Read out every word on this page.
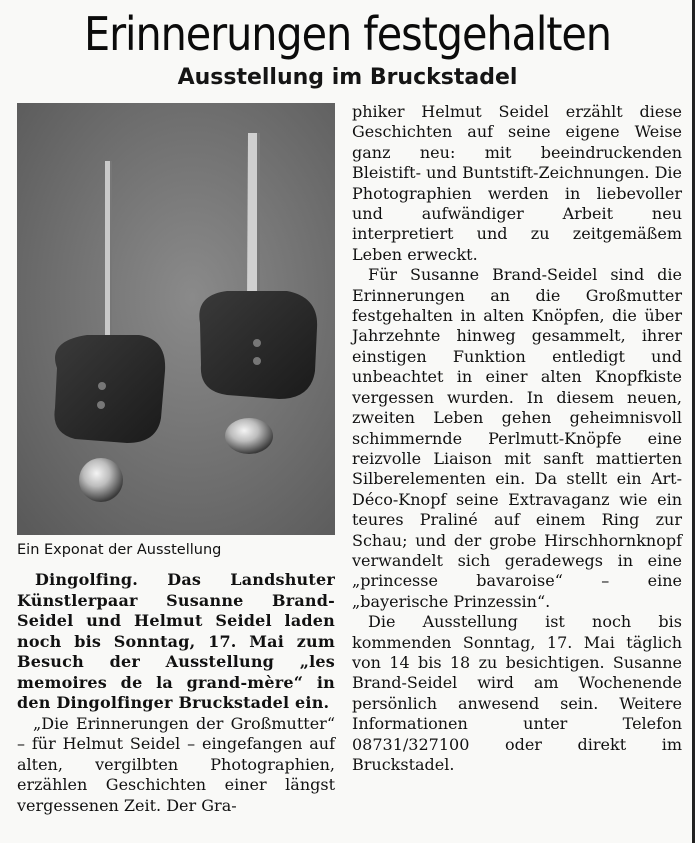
Erinnerungen festgehalten
Ausstellung im Bruckstadel
Ein Exponat der Ausstellung

Dingolfing. Das Landshuter Künstlerpaar Susanne Brand-Seidel und Helmut Seidel laden noch bis Sonntag, 17. Mai zum Besuch der Ausstellung „les memoires de la grand-mère“ in den Dingolfinger Bruckstadel ein.

„Die Erinnerungen der Großmutter“ – für Helmut Seidel – eingefangen auf alten, vergilbten Photographien, erzählen Geschichten einer längst vergessenen Zeit. Der Gra-

phiker Helmut Seidel erzählt diese Geschichten auf seine eigene Weise ganz neu: mit beeindruckenden Bleistift- und Buntstift-Zeichnungen. Die Photographien werden in liebevoller und aufwändiger Arbeit neu interpretiert und zu zeitgemäßem Leben erweckt.

Für Susanne Brand-Seidel sind die Erinnerungen an die Großmutter festgehalten in alten Knöpfen, die über Jahrzehnte hinweg gesammelt, ihrer einstigen Funktion entledigt und unbeachtet in einer alten Knopfkiste vergessen wurden. In diesem neuen, zweiten Leben gehen geheimnisvoll schimmernde Perlmutt-Knöpfe eine reizvolle Liaison mit sanft mattierten Silberelementen ein. Da stellt ein Art- Déco-Knopf seine Extravaganz wie ein teures Praliné auf einem Ring zur Schau; und der grobe Hirschhornknopf verwandelt sich geradewegs in eine „princesse bavaroise“ – eine „bayerische Prinzessin“.

Die Ausstellung ist noch bis kommenden Sonntag, 17. Mai täglich von 14 bis 18 zu besichtigen. Susanne Brand-Seidel wird am Wochenende persönlich anwesend sein. Weitere Informationen unter Telefon 08731/327100 oder direkt im Bruckstadel.
